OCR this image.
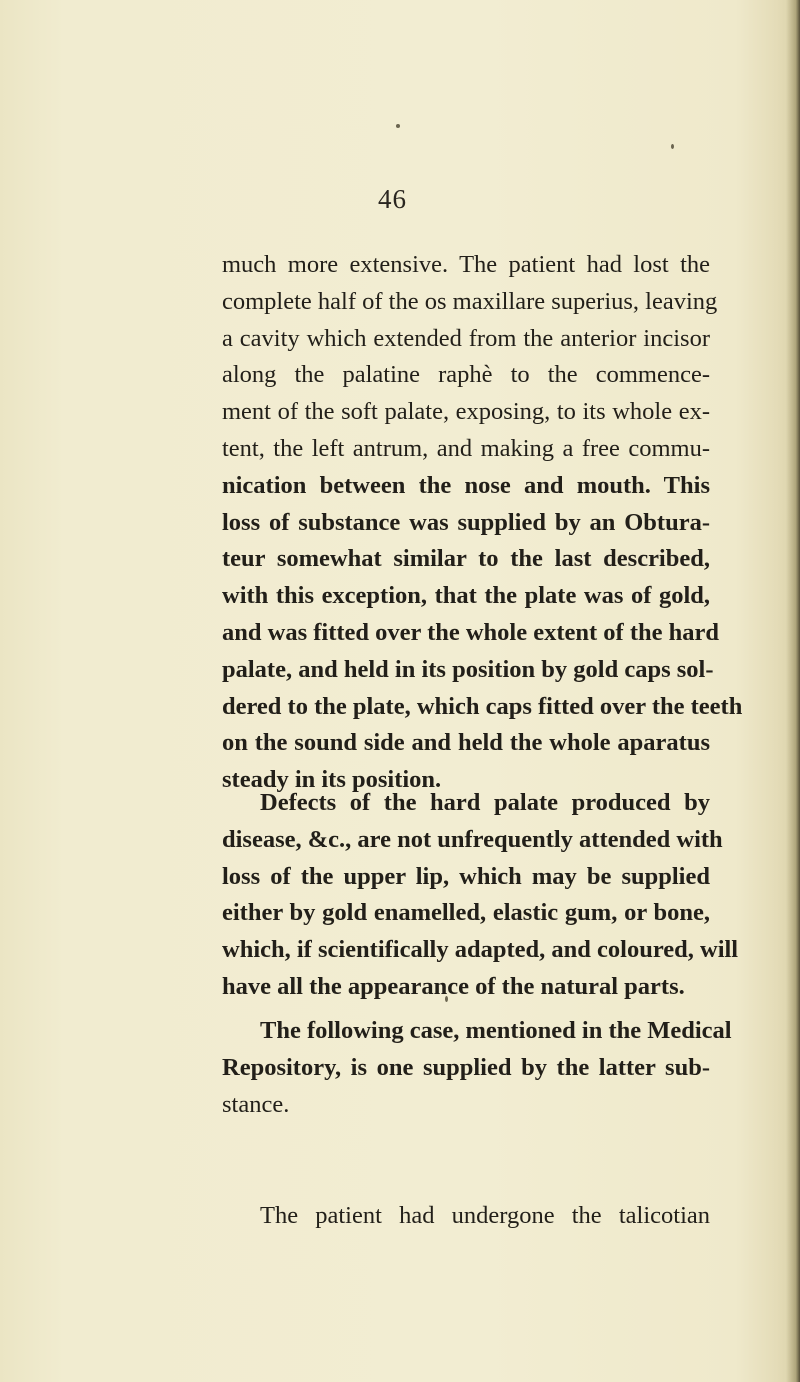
46
much more extensive. The patient had lost the
complete half of the os maxillare superius, leaving
a cavity which extended from the anterior incisor
along the palatine raphè to the commence-
ment of the soft palate, exposing, to its whole ex-
tent, the left antrum, and making a free commu-
nication between the nose and mouth. This
loss of substance was supplied by an Obtura-
teur somewhat similar to the last described,
with this exception, that the plate was of gold,
and was fitted over the whole extent of the hard
palate, and held in its position by gold caps sol-
dered to the plate, which caps fitted over the teeth
on the sound side and held the whole aparatus
steady in its position.
Defects of the hard palate produced by
disease, &c., are not unfrequently attended with
loss of the upper lip, which may be supplied
either by gold enamelled, elastic gum, or bone,
which, if scientifically adapted, and coloured, will
have all the appearance of the natural parts.
The following case, mentioned in the Medical
Repository, is one supplied by the latter sub-
stance.
The patient had undergone the talicotian
